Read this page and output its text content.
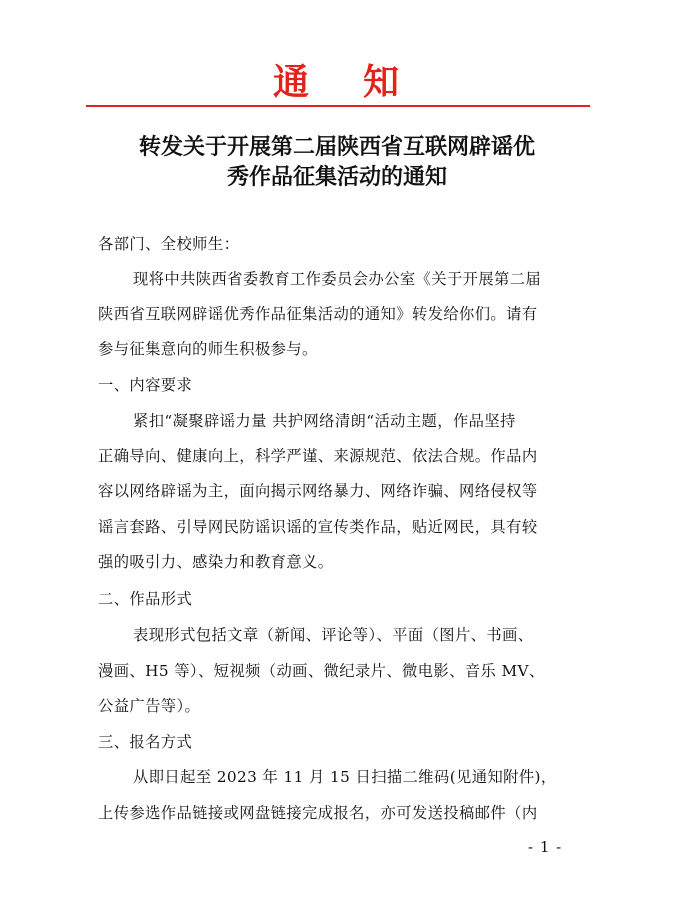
通 知
转发关于开展第二届陕西省互联网辟谣优
秀作品征集活动的通知
各部门、全校师生：
现将中共陕西省委教育工作委员会办公室《关于开展第二届
陕西省互联网辟谣优秀作品征集活动的通知》转发给你们。请有
参与征集意向的师生积极参与。
一、内容要求
紧扣“凝聚辟谣力量 共护网络清朗“活动主题，作品坚持
正确导向、健康向上，科学严谨、来源规范、依法合规。作品内
容以网络辟谣为主，面向揭示网络暴力、网络诈骗、网络侵权等
谣言套路、引导网民防谣识谣的宣传类作品，贴近网民，具有较
强的吸引力、感染力和教育意义。
二、作品形式
表现形式包括文章（新闻、评论等）、平面（图片、书画、
漫画、H5 等）、短视频（动画、微纪录片、微电影、音乐 MV、
公益广告等）。
三、报名方式
从即日起至 2023 年 11 月 15 日扫描二维码(见通知附件)，
上传参选作品链接或网盘链接完成报名，亦可发送投稿邮件（内
- 1 -
